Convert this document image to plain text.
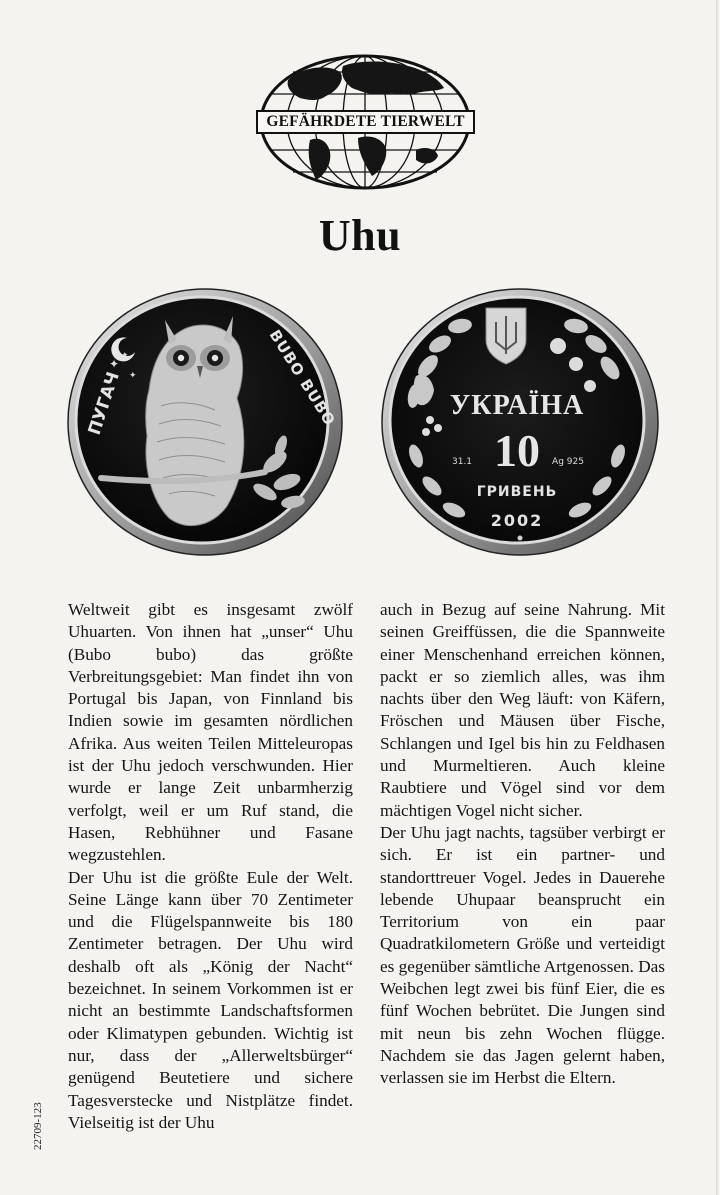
GEFÄHRDETE TIERWELT
Uhu
✦
✦
✦
ПУГАЧ	BUBO BUBO	УКРАЇНА
10
31.1	Ag 925
ГРИВЕНЬ
2002

Weltweit gibt es insgesamt zwölf Uhuarten. Von ihnen hat „unser“ Uhu (Bubo bubo) das größte Verbreitungsgebiet: Man findet ihn von Portugal bis Japan, von Finnland bis Indien sowie im gesamten nördlichen Afrika. Aus weiten Teilen Mitteleuropas ist der Uhu jedoch verschwunden. Hier wurde er lange Zeit unbarmherzig verfolgt, weil er um Ruf stand, die Hasen, Rebhühner und Fasane wegzustehlen.

Der Uhu ist die größte Eule der Welt. Seine Länge kann über 70 Zentimeter und die Flügelspannweite bis 180 Zentimeter betragen. Der Uhu wird deshalb oft als „König der Nacht“ bezeichnet. In seinem Vorkommen ist er nicht an bestimmte Landschaftsformen oder Klimatypen gebunden. Wichtig ist nur, dass der „Allerweltsbürger“ genügend Beutetiere und sichere Tagesverstecke und Nistplätze findet. Vielseitig ist der Uhu

auch in Bezug auf seine Nahrung. Mit seinen Greiffüssen, die die Spannweite einer Menschenhand erreichen können, packt er so ziemlich alles, was ihm nachts über den Weg läuft: von Käfern, Fröschen und Mäusen über Fische, Schlangen und Igel bis hin zu Feldhasen und Murmeltieren. Auch kleine Raubtiere und Vögel sind vor dem mächtigen Vogel nicht sicher.

Der Uhu jagt nachts, tagsüber verbirgt er sich. Er ist ein partner- und standorttreuer Vogel. Jedes in Dauerehe lebende Uhupaar beansprucht ein Territorium von ein paar Quadratkilometern Größe und verteidigt es gegenüber sämtliche Artgenossen. Das Weibchen legt zwei bis fünf Eier, die es fünf Wochen bebrütet. Die Jungen sind mit neun bis zehn Wochen flügge. Nachdem sie das Jagen gelernt haben, verlassen sie im Herbst die Eltern.

22709-123
